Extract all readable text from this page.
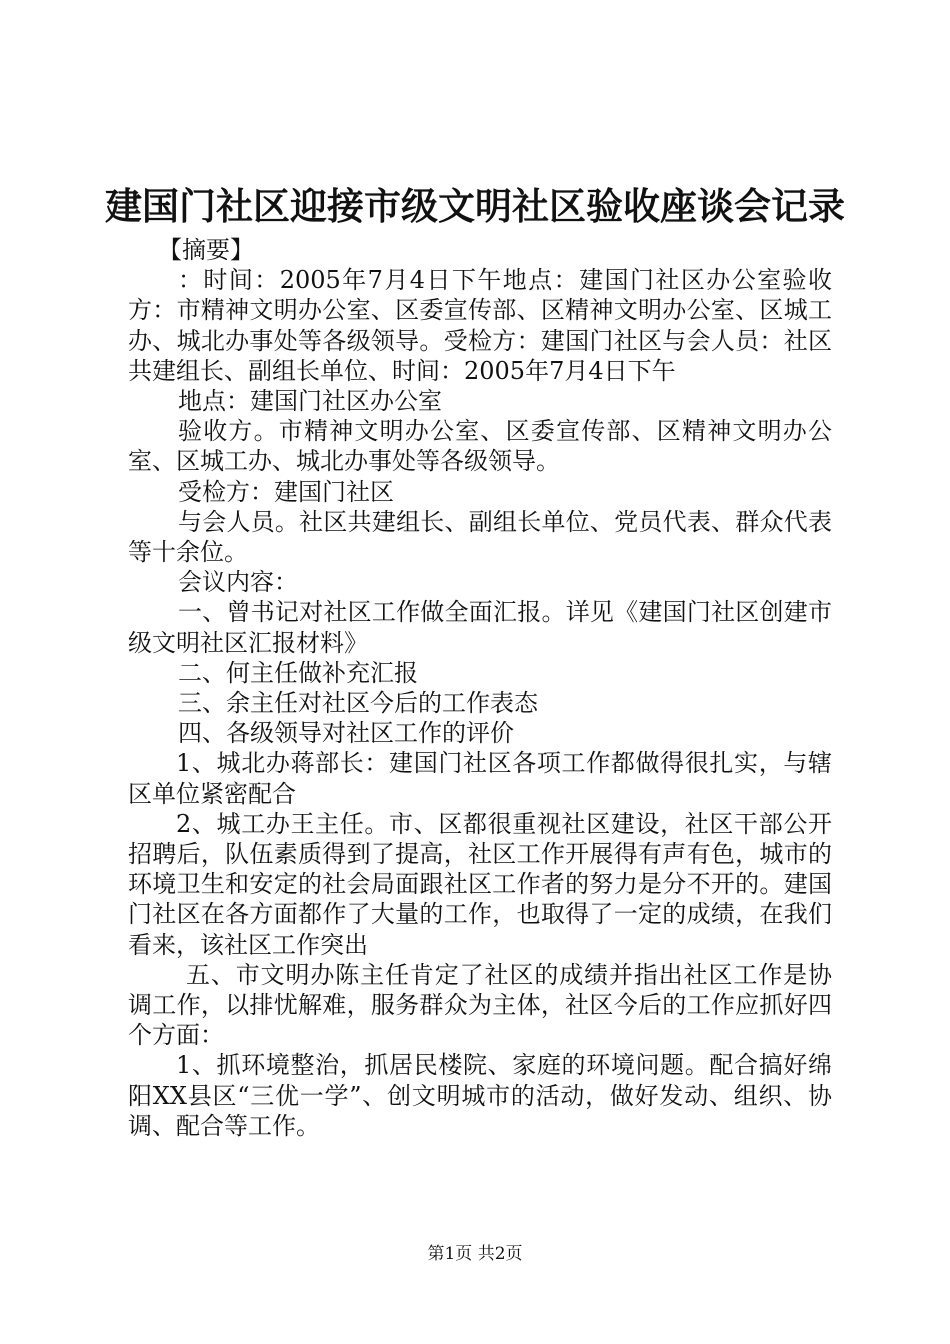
建国门社区迎接市级文明社区验收座谈会记录

【摘要】

：时间：2005年7月4日下午地点：建国门社区办公室验收方：市精神文明办公室、区委宣传部、区精神文明办公室、区城工办、城北办事处等各级领导。受检方：建国门社区与会人员：社区共建组长、副组长单位、时间：2005年7月4日下午

地点：建国门社区办公室

验收方。市精神文明办公室、区委宣传部、区精神文明办公室、区城工办、城北办事处等各级领导。

受检方：建国门社区

与会人员。社区共建组长、副组长单位、党员代表、群众代表等十余位。

会议内容：

一、曾书记对社区工作做全面汇报。详见《建国门社区创建市级文明社区汇报材料》

二、何主任做补充汇报

三、余主任对社区今后的工作表态

四、各级领导对社区工作的评价

1、城北办蒋部长：建国门社区各项工作都做得很扎实，与辖区单位紧密配合

2、城工办王主任。市、区都很重视社区建设，社区干部公开招聘后，队伍素质得到了提高，社区工作开展得有声有色，城市的环境卫生和安定的社会局面跟社区工作者的努力是分不开的。建国门社区在各方面都作了大量的工作，也取得了一定的成绩，在我们看来，该社区工作突出

五、市文明办陈主任肯定了社区的成绩并指出社区工作是协调工作，以排忧解难，服务群众为主体，社区今后的工作应抓好四个方面：

1、抓环境整治，抓居民楼院、家庭的环境问题。配合搞好绵阳XX县区“三优一学”、创文明城市的活动，做好发动、组织、协调、配合等工作。

第1页 共2页
